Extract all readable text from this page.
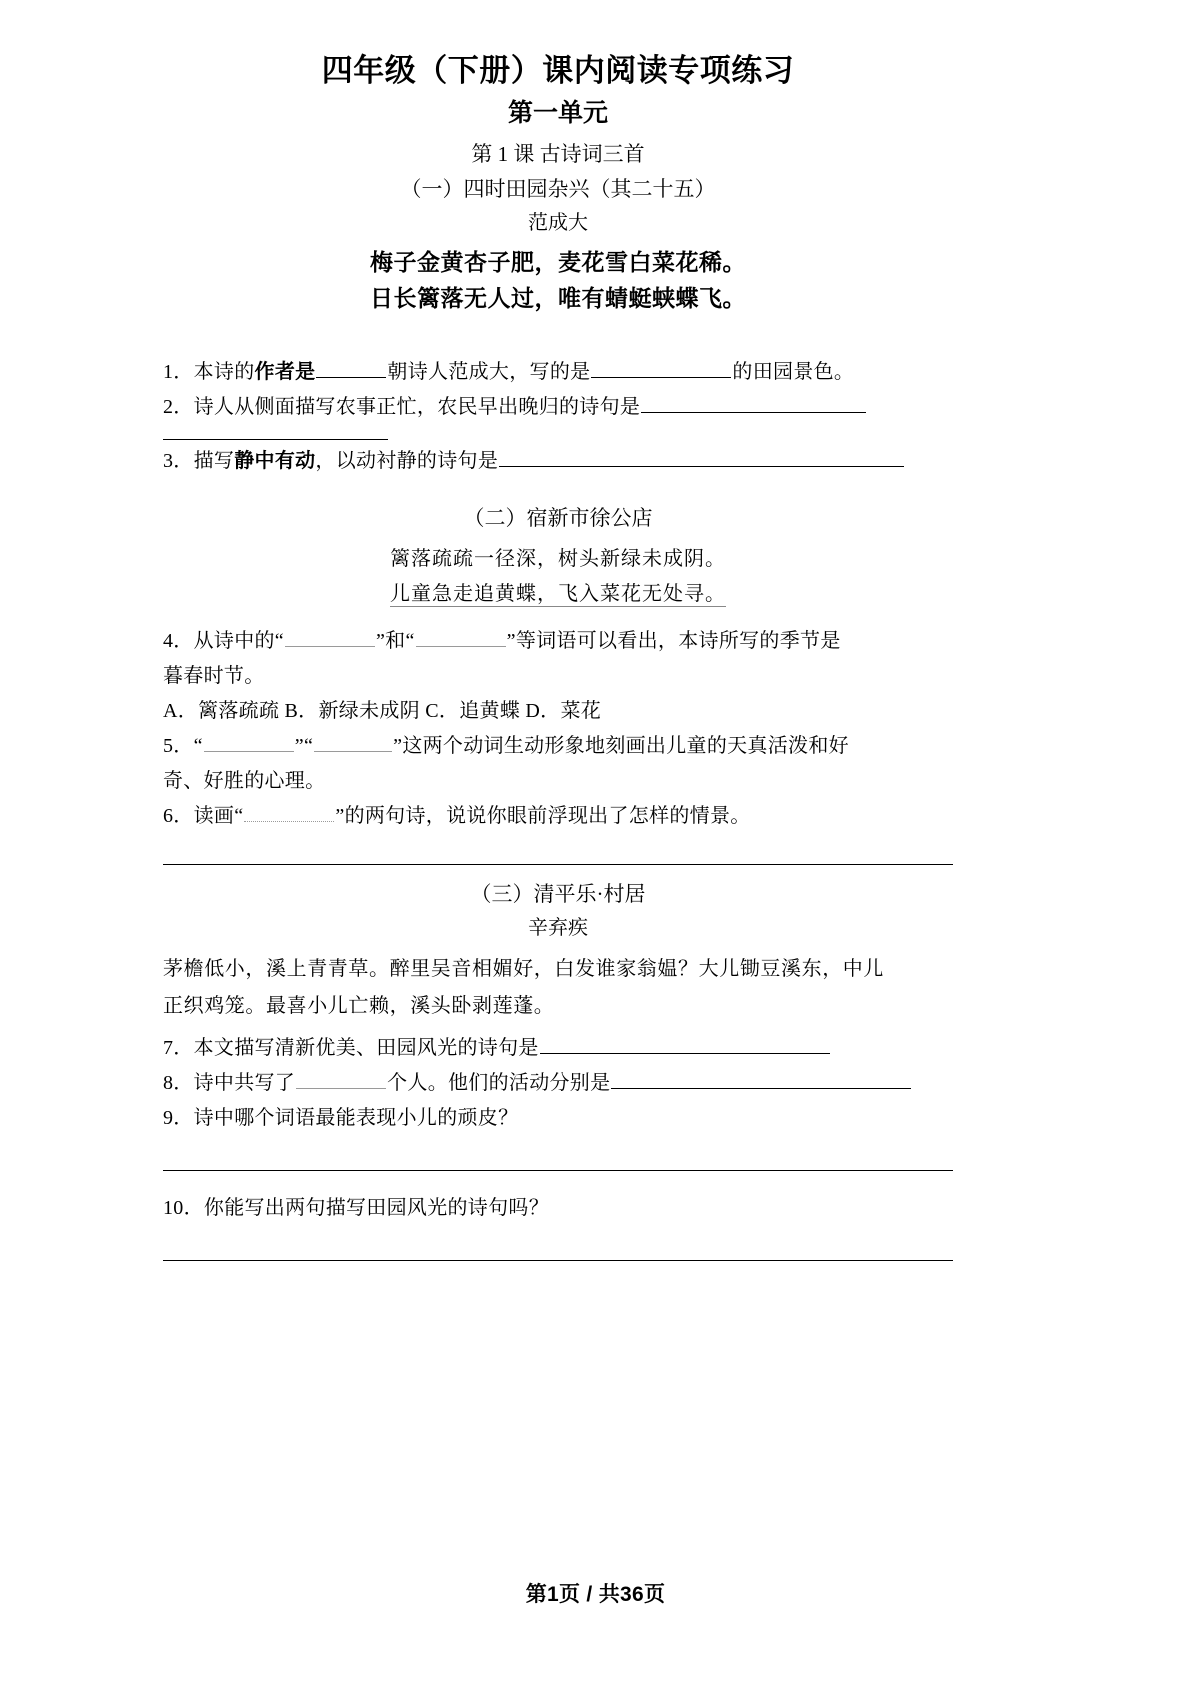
四年级（下册）课内阅读专项练习
第一单元
第 1 课 古诗词三首
（一）四时田园杂兴（其二十五）
范成大
梅子金黄杏子肥，麦花雪白菜花稀。
日长篱落无人过，唯有蜻蜓蛱蝶飞。
1．本诗的作者是	朝诗人范成大，写的是	的田园景色。
2．诗人从侧面描写农事正忙，农民早出晚归的诗句是
3．描写静中有动，以动衬静的诗句是
（二）宿新市徐公店
篱落疏疏一径深，树头新绿未成阴。
儿童急走追黄蝶，飞入菜花无处寻。
4．从诗中的“	”和“	”等词语可以看出，本诗所写的季节是
暮春时节。
A．篱落疏疏 B．新绿未成阴 C．追黄蝶 D．菜花
5．“	”“	”这两个动词生动形象地刻画出儿童的天真活泼和好
奇、好胜的心理。
6．读画“	”的两句诗，说说你眼前浮现出了怎样的情景。
（三）清平乐·村居
辛弃疾
茅檐低小，溪上青青草。醉里吴音相媚好，白发谁家翁媪？大儿锄豆溪东，中儿
正织鸡笼。最喜小儿亡赖，溪头卧剥莲蓬。
7．本文描写清新优美、田园风光的诗句是
8．诗中共写了	个人。他们的活动分别是
9．诗中哪个词语最能表现小儿的顽皮？
10．你能写出两句描写田园风光的诗句吗？
第1页 / 共36页
